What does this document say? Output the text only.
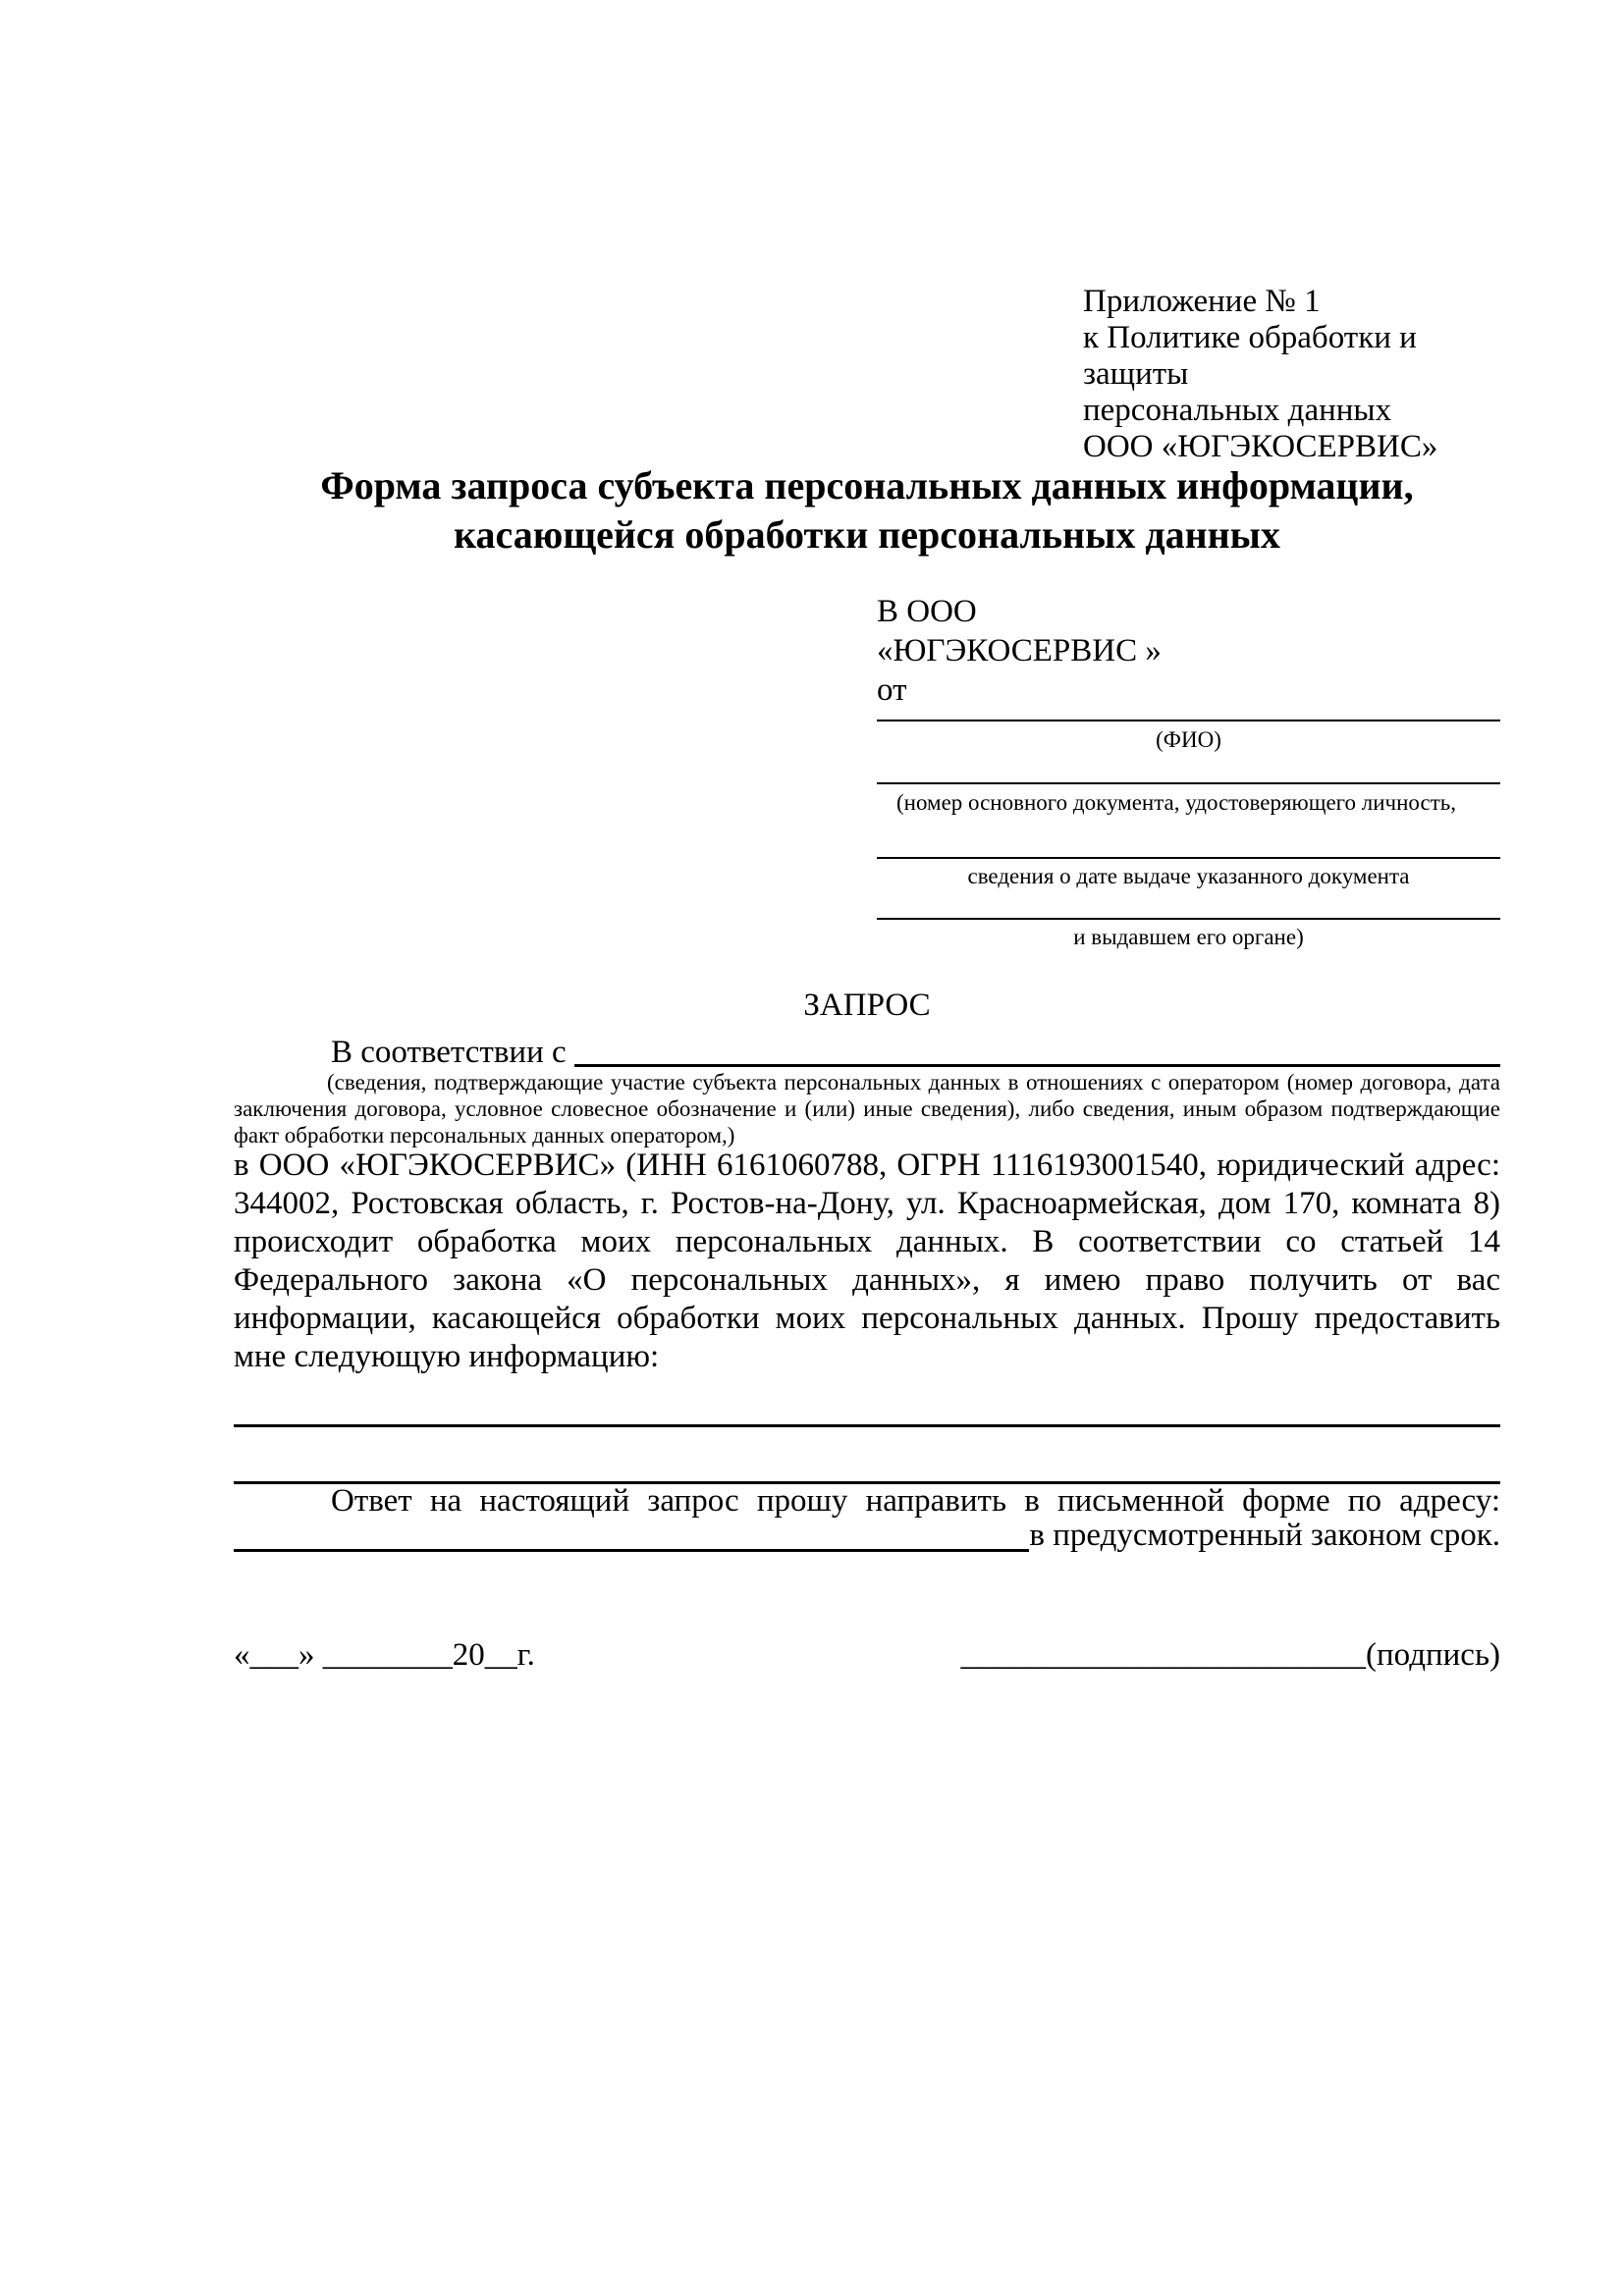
Приложение № 1
к Политике обработки и защиты
персональных данных
ООО «ЮГЭКОСЕРВИС»
Форма запроса субъекта персональных данных информации,
касающейся обработки персональных данных
В ООО
«ЮГЭКОСЕРВИС »
от
(ФИО)
(номер основного документа, удостоверяющего личность,
сведения о дате выдаче указанного документа
и выдавшем его органе)
ЗАПРОС
В соответствии с
(сведения, подтверждающие участие субъекта персональных данных в отношениях с оператором (номер договора, дата заключения договора, условное словесное обозначение и (или) иные сведения), либо сведения, иным образом подтверждающие факт обработки персональных данных оператором,)
в ООО «ЮГЭКОСЕРВИС» (ИНН 6161060788, ОГРН 1116193001540, юридический адрес: 344002, Ростовская область, г. Ростов-на-Дону, ул. Красноармейская, дом 170, комната 8) происходит обработка моих персональных данных. В соответствии со статьей 14 Федерального закона «О персональных данных», я имею право получить от вас информации, касающейся обработки моих персональных данных. Прошу предоставить мне следующую информацию:
Ответ на настоящий запрос прошу направить в письменной форме по адресу:
в предусмотренный законом срок.
«___» ________20__г.	_________________________(подпись)
